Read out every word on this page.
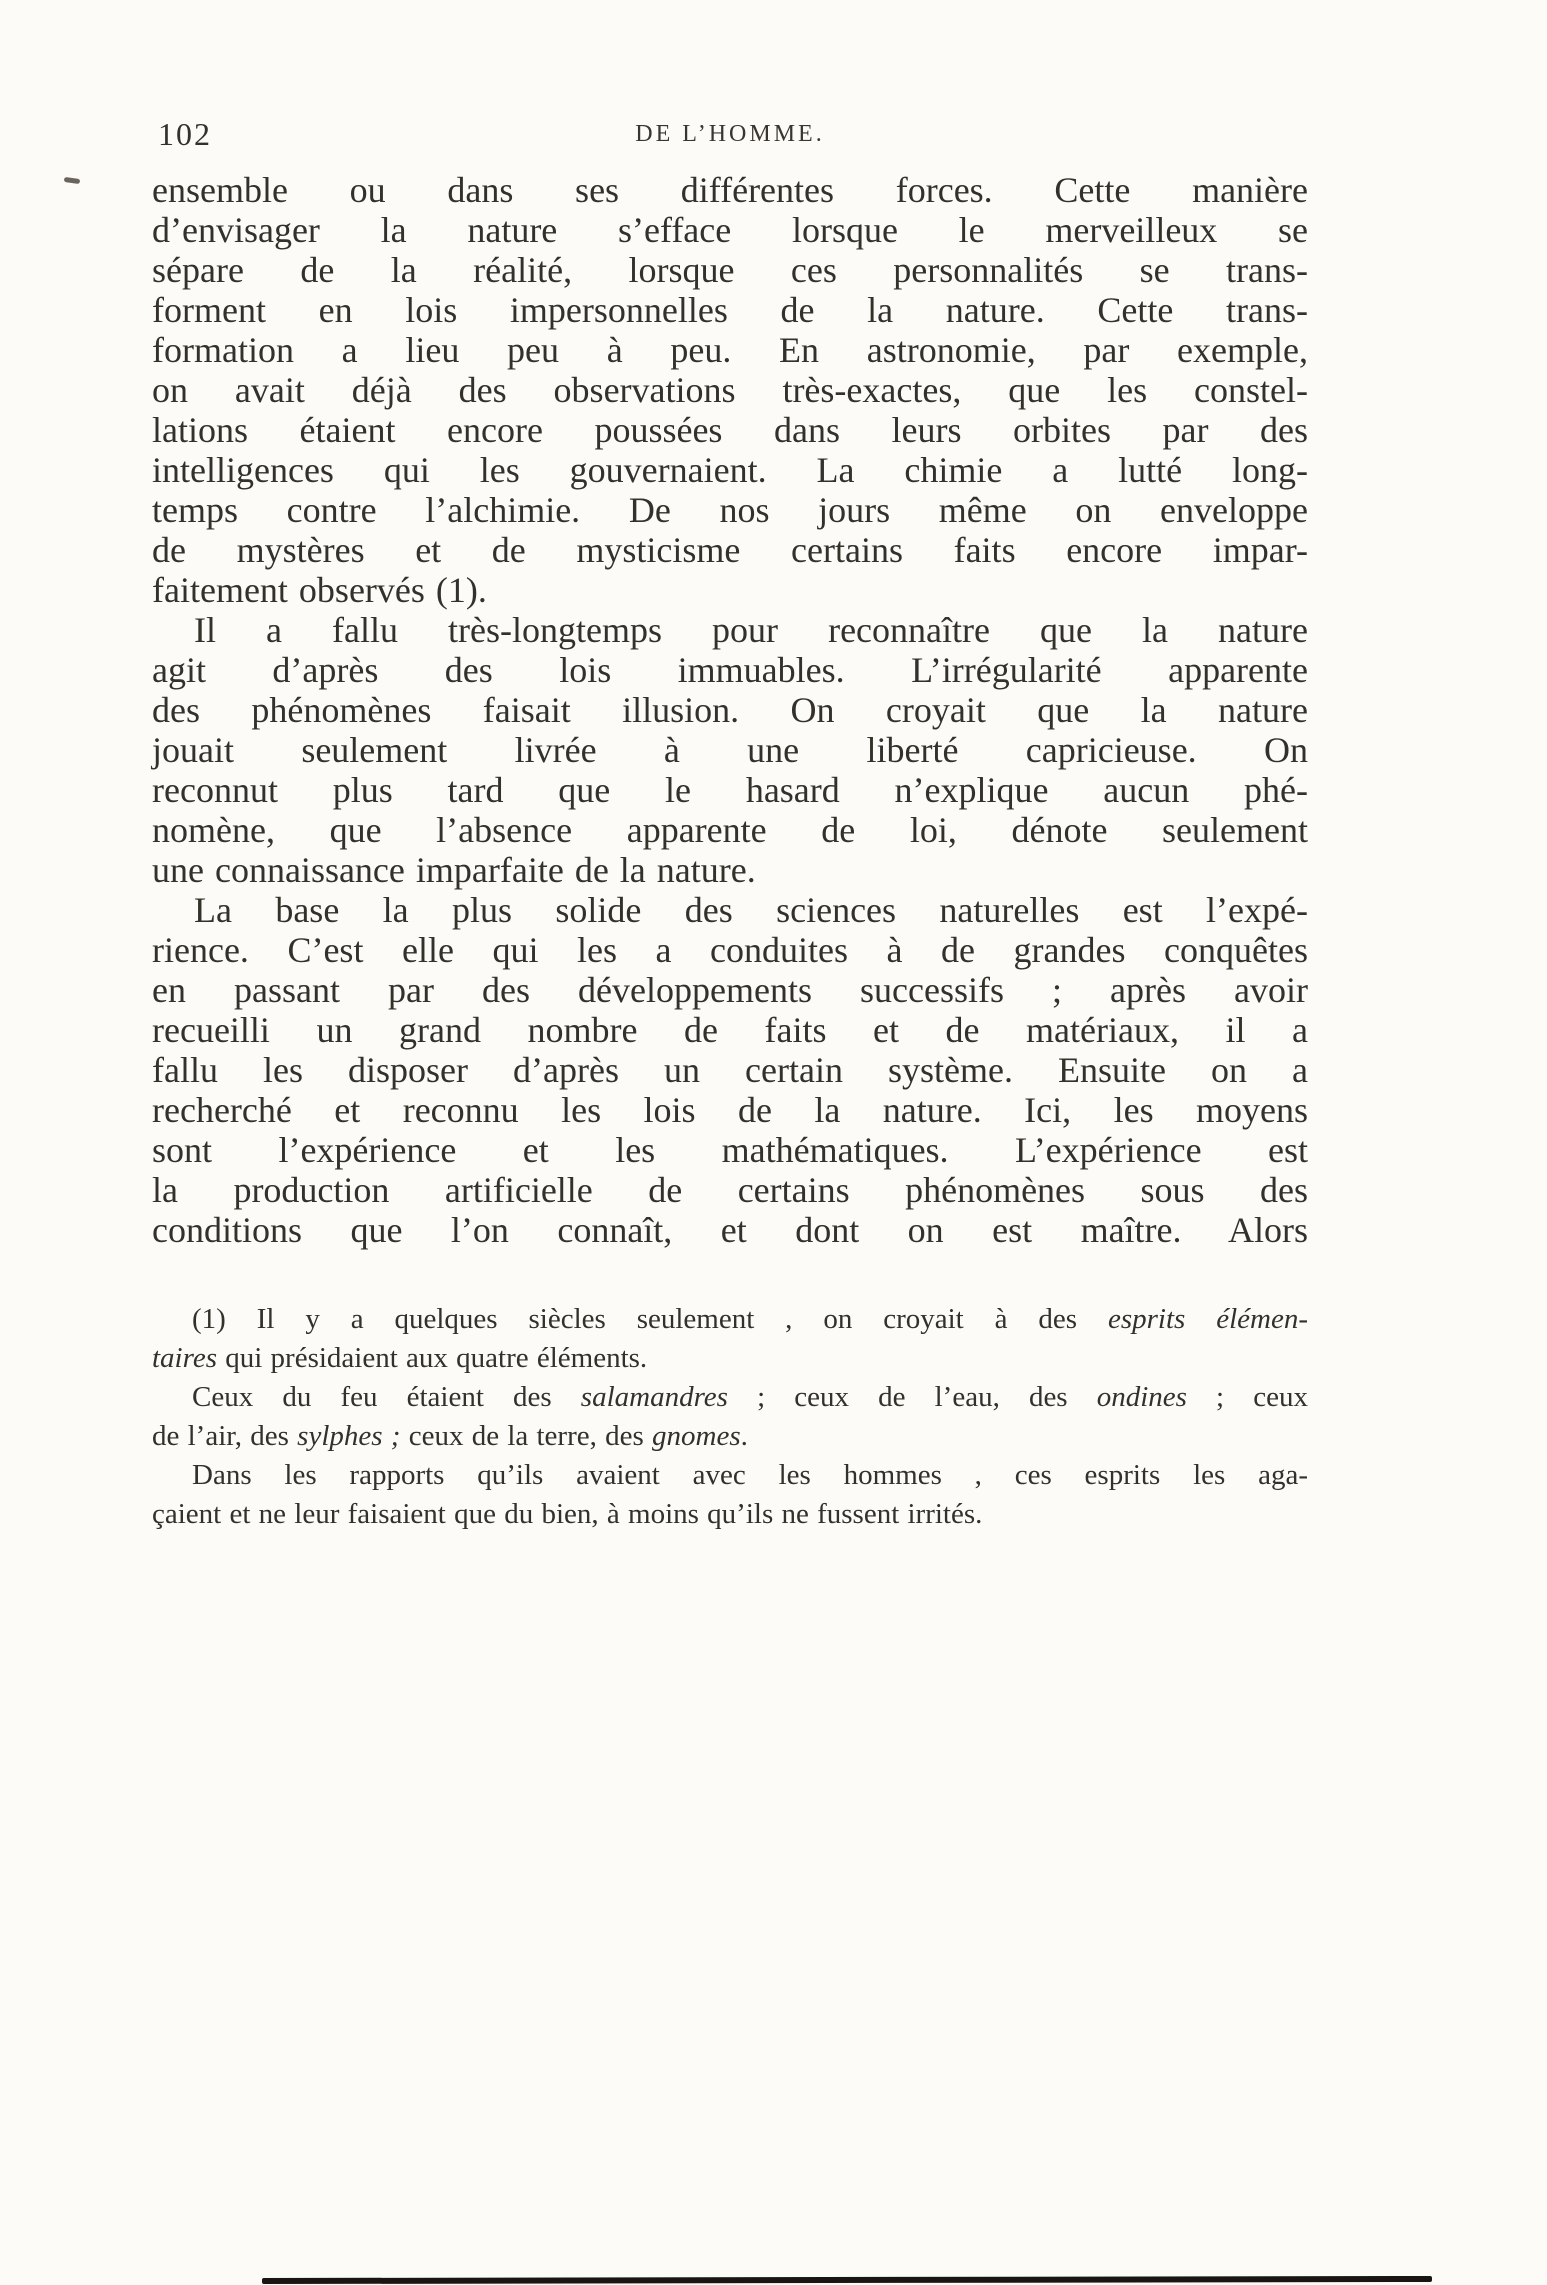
102	DE L’HOMME.
ensemble ou dans ses différentes forces. Cette manière
d’envisager la nature s’efface lorsque le merveilleux se
sépare de la réalité, lorsque ces personnalités se trans-
forment en lois impersonnelles de la nature. Cette trans-
formation a lieu peu à peu. En astronomie, par exemple,
on avait déjà des observations très-exactes, que les constel-
lations étaient encore poussées dans leurs orbites par des
intelligences qui les gouvernaient. La chimie a lutté long-
temps contre l’alchimie. De nos jours même on enveloppe
de mystères et de mysticisme certains faits encore impar-
faitement observés (1).
Il a fallu très-longtemps pour reconnaître que la nature
agit d’après des lois immuables. L’irrégularité apparente
des phénomènes faisait illusion. On croyait que la nature
jouait seulement livrée à une liberté capricieuse. On
reconnut plus tard que le hasard n’explique aucun phé-
nomène, que l’absence apparente de loi, dénote seulement
une connaissance imparfaite de la nature.
La base la plus solide des sciences naturelles est l’expé-
rience. C’est elle qui les a conduites à de grandes conquêtes
en passant par des développements successifs ; après avoir
recueilli un grand nombre de faits et de matériaux, il a
fallu les disposer d’après un certain système. Ensuite on a
recherché et reconnu les lois de la nature. Ici, les moyens
sont l’expérience et les mathématiques. L’expérience est
la production artificielle de certains phénomènes sous des
conditions que l’on connaît, et dont on est maître. Alors
(1) Il y a quelques siècles seulement , on croyait à des esprits élémen-
taires qui présidaient aux quatre éléments.
Ceux du feu étaient des salamandres ; ceux de l’eau, des ondines ; ceux
de l’air, des sylphes ; ceux de la terre, des gnomes.
Dans les rapports qu’ils avaient avec les hommes , ces esprits les aga-
çaient et ne leur faisaient que du bien, à moins qu’ils ne fussent irrités.
